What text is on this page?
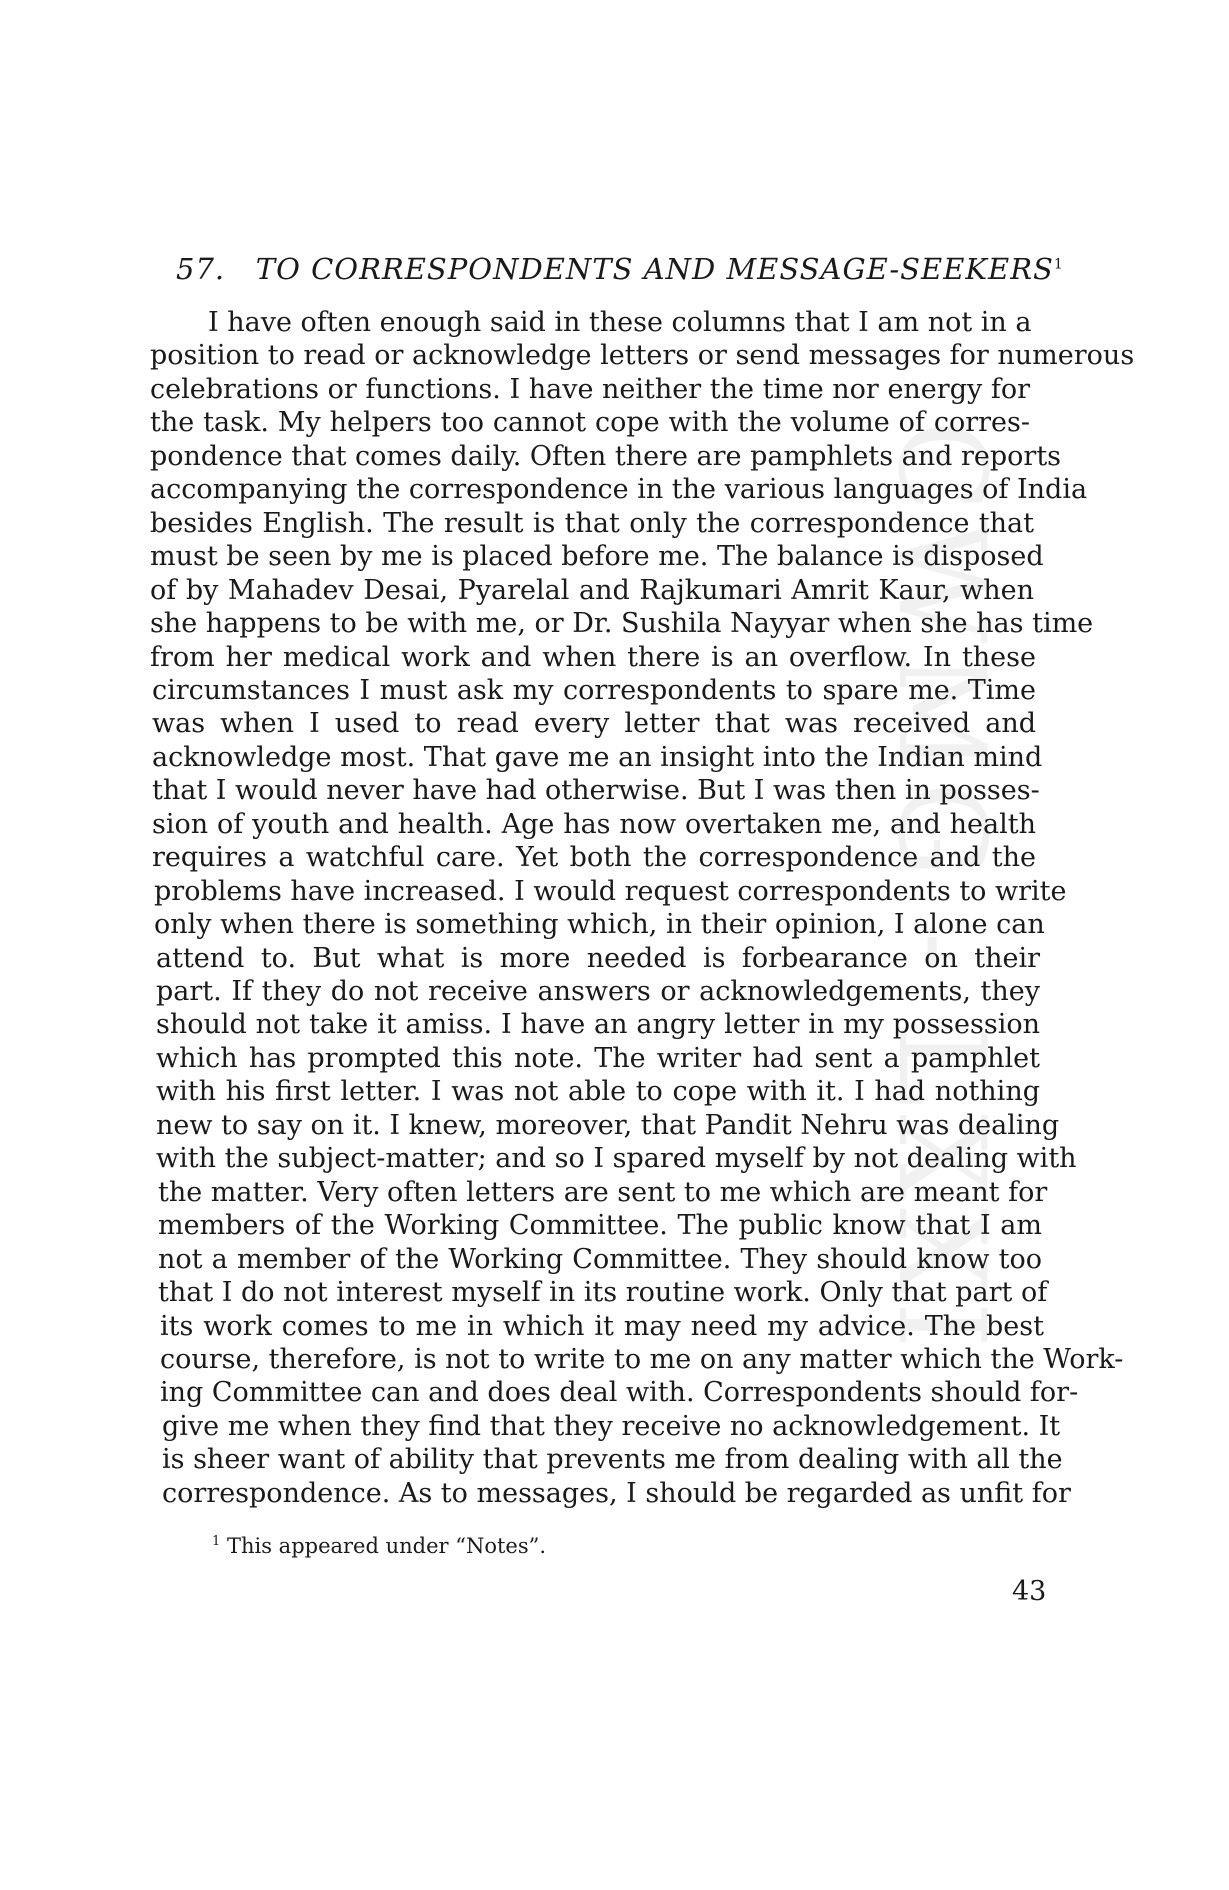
CWMG - LXXI
57. TO CORRESPONDENTS AND MESSAGE-SEEKERS$^1$
I have often enough said in these columns that I am not in a
position to read or acknowledge letters or send messages for numerous
celebrations or functions. I have neither the time nor energy for
the task. My helpers too cannot cope with the volume of corres-
pondence that comes daily. Often there are pamphlets and reports
accompanying the correspondence in the various languages of India
besides English. The result is that only the correspondence that
must be seen by me is placed before me. The balance is disposed
of by Mahadev Desai, Pyarelal and Rajkumari Amrit Kaur, when
she happens to be with me, or Dr. Sushila Nayyar when she has time
from her medical work and when there is an overflow. In these
circumstances I must ask my correspondents to spare me. Time
was when I used to read every letter that was received and
acknowledge most. That gave me an insight into the Indian mind
that I would never have had otherwise. But I was then in posses-
sion of youth and health. Age has now overtaken me, and health
requires a watchful care. Yet both the correspondence and the
problems have increased. I would request correspondents to write
only when there is something which, in their opinion, I alone can
attend to. But what is more needed is forbearance on their
part. If they do not receive answers or acknowledgements, they
should not take it amiss. I have an angry letter in my possession
which has prompted this note. The writer had sent a pamphlet
with his first letter. I was not able to cope with it. I had nothing
new to say on it. I knew, moreover, that Pandit Nehru was dealing
with the subject-matter; and so I spared myself by not dealing with
the matter. Very often letters are sent to me which are meant for
members of the Working Committee. The public know that I am
not a member of the Working Committee. They should know too
that I do not interest myself in its routine work. Only that part of
its work comes to me in which it may need my advice. The best
course, therefore, is not to write to me on any matter which the Work-
ing Committee can and does deal with. Correspondents should for-
give me when they find that they receive no acknowledgement. It
is sheer want of ability that prevents me from dealing with all the
correspondence. As to messages, I should be regarded as unfit for
$^1$ This appeared under “Notes”.
43
